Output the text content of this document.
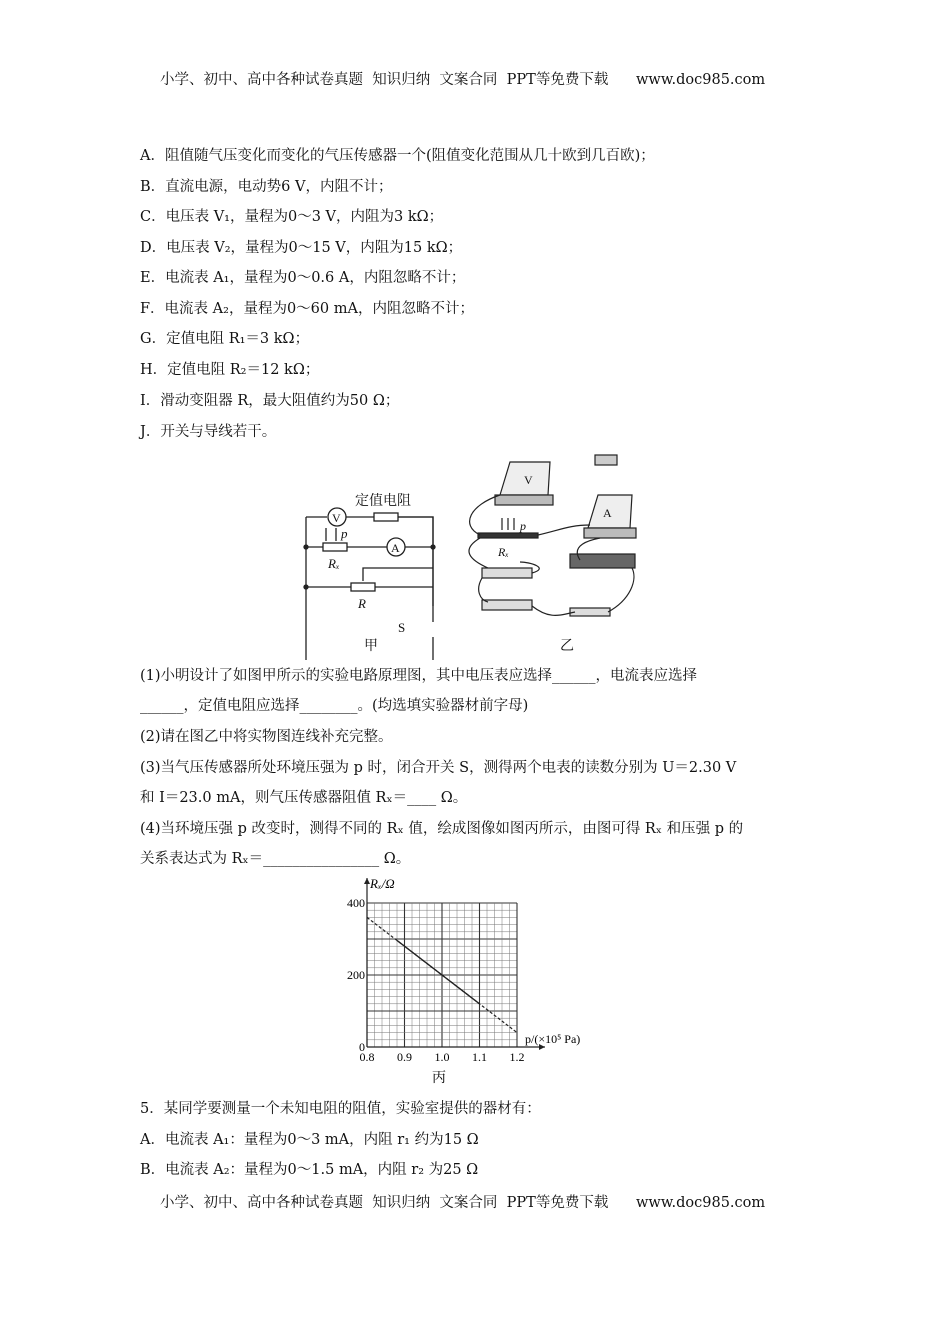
小学、初中、高中各种试卷真题  知识归纳  文案合同  PPT等免费下载      www.doc985.com
A．阻值随气压变化而变化的气压传感器一个(阻值变化范围从几十欧到几百欧)；
B．直流电源，电动势6 V，内阻不计；
C．电压表 V₁，量程为0～3 V，内阻为3 kΩ；
D．电压表 V₂，量程为0～15 V，内阻为15 kΩ；
E．电流表 A₁，量程为0～0.6 A，内阻忽略不计；
F．电流表 A₂，量程为0～60 mA，内阻忽略不计；
G．定值电阻 R₁＝3 kΩ；
H．定值电阻 R₂＝12 kΩ；
I．滑动变阻器 R，最大阻值约为50 Ω；
J．开关与导线若干。
定值电阻
V
A
p
Rₓ
R
S
甲
V
A
p
Rₓ
乙
(1)小明设计了如图甲所示的实验电路原理图，其中电压表应选择______，电流表应选择
______，定值电阻应选择________。(均选填实验器材前字母)
(2)请在图乙中将实物图连线补充完整。
(3)当气压传感器所处环境压强为 p 时，闭合开关 S，测得两个电表的读数分别为 U＝2.30 V
和 I＝23.0 mA，则气压传感器阻值 Rₓ＝____ Ω。
(4)当环境压强 p 改变时，测得不同的 Rₓ 值，绘成图像如图丙所示，由图可得 Rₓ 和压强 p 的
关系表达式为 Rₓ＝________________ Ω。
0.8 0.9 1.0 1.1 1.2
0
200
400
Rₓ/Ω
p/(×10⁵ Pa)
丙
5．某同学要测量一个未知电阻的阻值，实验室提供的器材有：
A．电流表 A₁：量程为0～3 mA，内阻 r₁ 约为15 Ω
B．电流表 A₂：量程为0～1.5 mA，内阻 r₂ 为25 Ω
小学、初中、高中各种试卷真题  知识归纳  文案合同  PPT等免费下载      www.doc985.com
